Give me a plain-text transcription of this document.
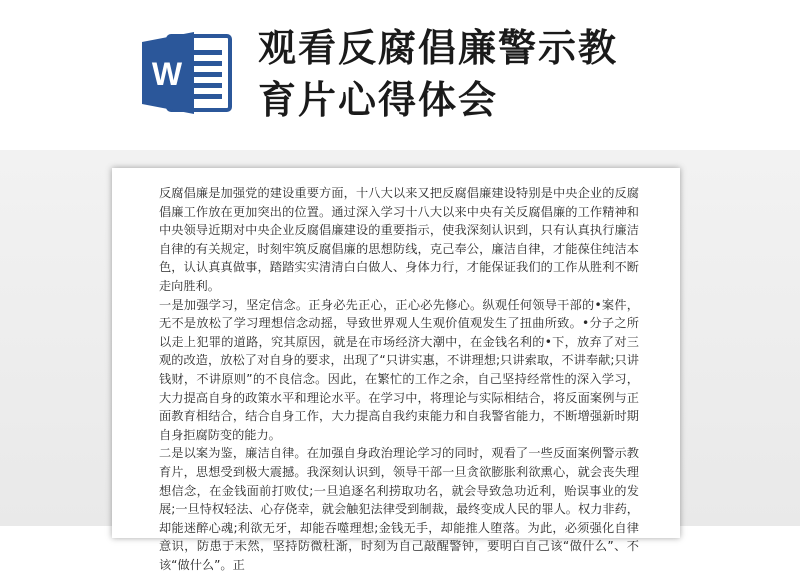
W
观看反腐倡廉警示教
育片心得体会

反腐倡廉是加强党的建设重要方面，十八大以来又把反腐倡廉建设特别是中央企业的反腐倡廉工作放在更加突出的位置。通过深入学习十八大以来中央有关反腐倡廉的工作精神和中央领导近期对中央企业反腐倡廉建设的重要指示，使我深刻认识到，只有认真执行廉洁自律的有关规定，时刻牢筑反腐倡廉的思想防线，克己奉公，廉洁自律，才能葆住纯洁本色，认认真真做事，踏踏实实清清白白做人、身体力行，才能保证我们的工作从胜利不断走向胜利。

一是加强学习，坚定信念。正身必先正心，正心必先修心。纵观任何领导干部的•案件，无不是放松了学习理想信念动摇，导致世界观人生观价值观发生了扭曲所致。•分子之所以走上犯罪的道路，究其原因，就是在市场经济大潮中，在金钱名利的•下，放弃了对三观的改造，放松了对自身的要求，出现了“只讲实惠，不讲理想;只讲索取，不讲奉献;只讲钱财，不讲原则”的不良信念。因此，在繁忙的工作之余，自己坚持经常性的深入学习，大力提高自身的政策水平和理论水平。在学习中，将理论与实际相结合，将反面案例与正面教育相结合，结合自身工作，大力提高自我约束能力和自我警省能力，不断增强新时期自身拒腐防变的能力。

二是以案为鉴，廉洁自律。在加强自身政治理论学习的同时，观看了一些反面案例警示教育片，思想受到极大震撼。我深刻认识到，领导干部一旦贪欲膨胀利欲熏心，就会丧失理想信念，在金钱面前打败仗;一旦追逐名利捞取功名，就会导致急功近利，贻误事业的发展;一旦恃权轻法、心存侥幸，就会触犯法律受到制裁，最终变成人民的罪人。权力非药，却能迷醉心魂;利欲无牙，却能吞噬理想;金钱无手，却能推人堕落。为此，必须强化自律意识，防患于未然，坚持防微杜渐，时刻为自己敲醒警钟，要明白自己该“做什么”、不该“做什么”。正
